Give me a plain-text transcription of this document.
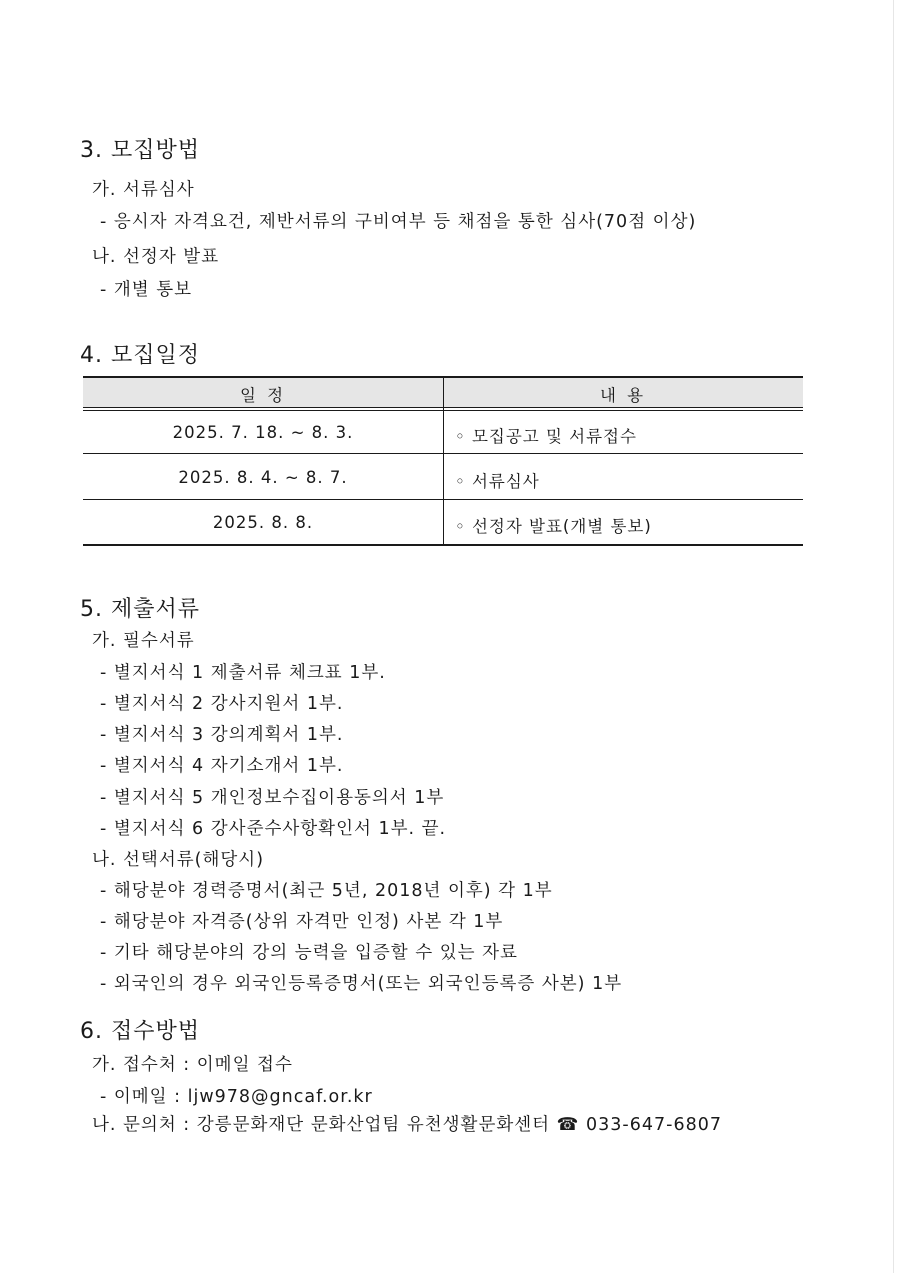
3. 모집방법
가. 서류심사
- 응시자 자격요건, 제반서류의 구비여부 등 채점을 통한 심사(70점 이상)
나. 선정자 발표
- 개별 통보
4. 모집일정
일 정	내 용
2025. 7. 18. ~ 8. 3.	◦ 모집공고 및 서류접수
2025. 8. 4. ~ 8. 7.	◦ 서류심사
2025. 8. 8.	◦ 선정자 발표(개별 통보)
5. 제출서류
가. 필수서류
- 별지서식 1 제출서류 체크표 1부.
- 별지서식 2 강사지원서 1부.
- 별지서식 3 강의계획서 1부.
- 별지서식 4 자기소개서 1부.
- 별지서식 5 개인정보수집이용동의서 1부
- 별지서식 6 강사준수사항확인서 1부. 끝.
나. 선택서류(해당시)
- 해당분야 경력증명서(최근 5년, 2018년 이후) 각 1부
- 해당분야 자격증(상위 자격만 인정) 사본 각 1부
- 기타 해당분야의 강의 능력을 입증할 수 있는 자료
- 외국인의 경우 외국인등록증명서(또는 외국인등록증 사본) 1부
6. 접수방법
가. 접수처 : 이메일 접수
- 이메일 : ljw978@gncaf.or.kr
나. 문의처 : 강릉문화재단 문화산업팀 유천생활문화센터 ☎ 033-647-6807
